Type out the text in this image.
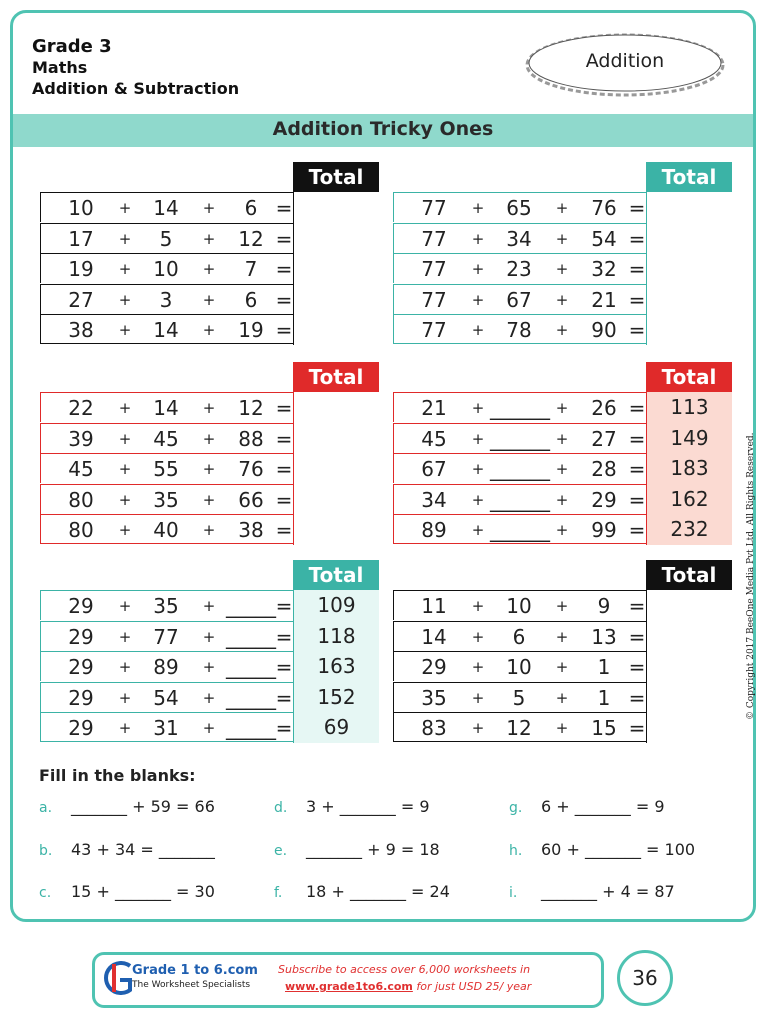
Grade 3
Maths
Addition & Subtraction
Addition
Addition Tricky Ones
Total
10	+	14	+	6 =
17	+	5	+	12 =
19	+	10	+	7 =
27	+	3	+	6 =
38	+	14	+	19 =
Total
77	+	65	+	76 =
77	+	34	+	54 =
77	+	23	+	32 =
77	+	67	+	21 =
77	+	78	+	90 =
Total
22	+	14	+	12 =
39	+	45	+	88 =
45	+	55	+	76 =
80	+	35	+	66 =
80	+	40	+	38 =
Total
21	+ ______ +	26 =	113
45	+ ______ +	27 =	149
67	+ ______ +	28 =	183
34	+ ______ +	29 =	162
89	+ ______ +	99 =	232
Total
29	+	35	+ _____ =	109
29	+	77	+ _____ =	118
29	+	89	+ _____ =	163
29	+	54	+ _____ =	152
29	+	31	+ _____ =	69
Total
11	+	10	+	9 =
14	+	6	+	13 =
29	+	10	+	1 =
35	+	5	+	1 =
83	+	12	+	15 =
Fill in the blanks:
a. _______ + 59 = 66
b. 43 + 34 = _______
c. 15 + _______ = 30
d. 3 + _______ = 9
e. _______ + 9 = 18
f. 18 + _______ = 24
g. 6 + _______ = 9
h. 60 + _______ = 100
i. _______ + 4 = 87
© Copyright 2017 BeeOne Media Pvt Ltd. All Rights Reserved.
Grade 1 to 6.com
The Worksheet Specialists
Subscribe to access over 6,000 worksheets in
www.grade1to6.com for just USD 25/ year	36
